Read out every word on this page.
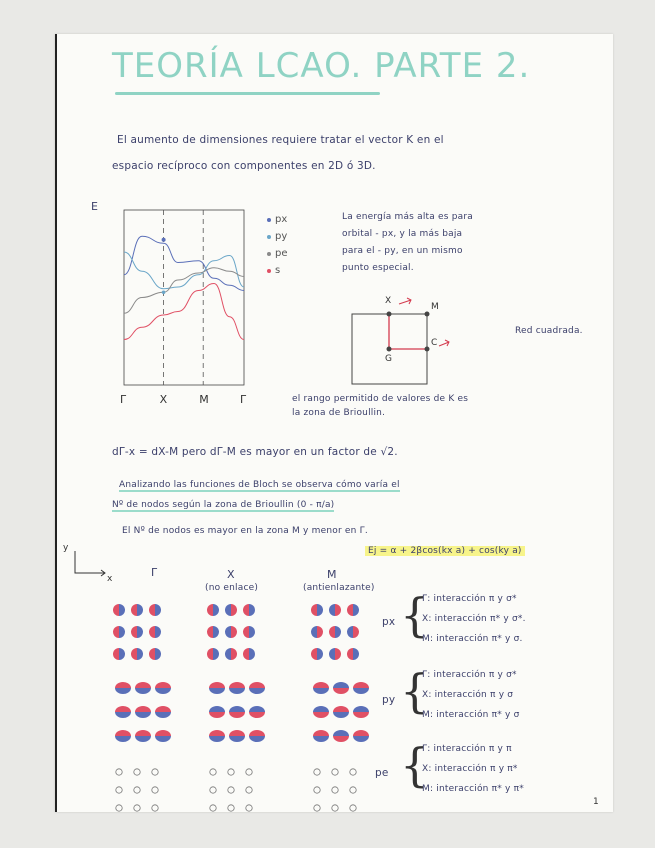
TEORÍA LCAO. PARTE 2.
El aumento de dimensiones requiere tratar el vector K en el
espacio recíproco con componentes en 2D ó 3D.
E
Γ	X	M	Γ
px
py
pe
s
La energía más alta es para
orbital - px, y la más baja
para el - py, en un mismo
punto especial.
X
M
G
C
Red cuadrada.
el rango permitido de valores de K es
la zona de Brioullin.
dΓ-x = dX-M pero dΓ-M es mayor en un factor de √2.
Analizando las funciones de Bloch se observa cómo varía el
Nº de nodos según la zona de Brioullin (0 - π/a)
El Nº de nodos es mayor en la zona M y menor en Γ.
Ej = α + 2βcos(kx a) + cos(ky a)
y
x	Γ	X
(no enlace)
M
(antienlazante)
px
py
pe
{
{
{
Γ: interacción π y σ*
X: interacción π* y σ*.
M: interacción π* y σ.
Γ: interacción π y σ*
X: interacción π y σ
M: interacción π* y σ
Γ: interacción π y π
X: interacción π y π*
M: interacción π* y π*
1
